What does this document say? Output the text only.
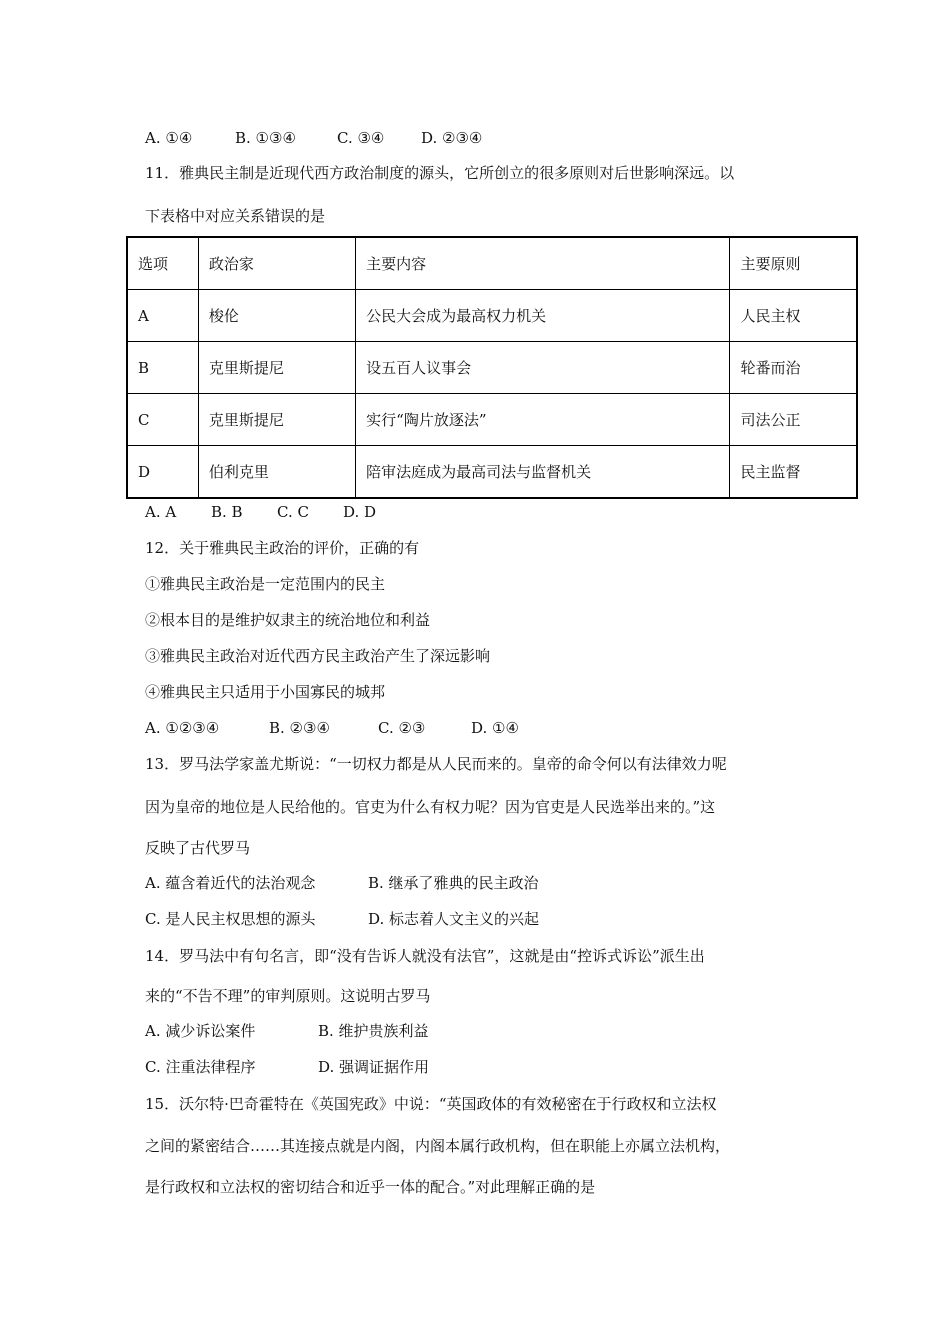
A. ①④	B. ①③④	C. ③④ D. ②③④
11．雅典民主制是近现代西方政治制度的源头，它所创立的很多原则对后世影响深远。以
下表格中对应关系错误的是
选项	政治家	主要内容	主要原则
A	梭伦	公民大会成为最高权力机关	人民主权
B	克里斯提尼	设五百人议事会	轮番而治
C	克里斯提尼	实行“陶片放逐法”	司法公正
D	伯利克里	陪审法庭成为最高司法与监督机关	民主监督
A. A B. B C. C D. D
12．关于雅典民主政治的评价，正确的有
①雅典民主政治是一定范围内的民主
②根本目的是维护奴隶主的统治地位和利益
③雅典民主政治对近代西方民主政治产生了深远影响
④雅典民主只适用于小国寡民的城邦
A. ①②③④	B. ②③④	C. ②③	D. ①④
13．罗马法学家盖尤斯说：“一切权力都是从人民而来的。皇帝的命令何以有法律效力呢
因为皇帝的地位是人民给他的。官吏为什么有权力呢？因为官吏是人民选举出来的。”这
反映了古代罗马
A. 蕴含着近代的法治观念	B. 继承了雅典的民主政治
C. 是人民主权思想的源头	D. 标志着人文主义的兴起
14．罗马法中有句名言，即“没有告诉人就没有法官”，这就是由“控诉式诉讼”派生出
来的“不告不理”的审判原则。这说明古罗马
A. 减少诉讼案件	B. 维护贵族利益
C. 注重法律程序	D. 强调证据作用
15．沃尔特·巴奇霍特在《英国宪政》中说：“英国政体的有效秘密在于行政权和立法权
之间的紧密结合……其连接点就是内阁，内阁本属行政机构，但在职能上亦属立法机构，
是行政权和立法权的密切结合和近乎一体的配合。”对此理解正确的是
